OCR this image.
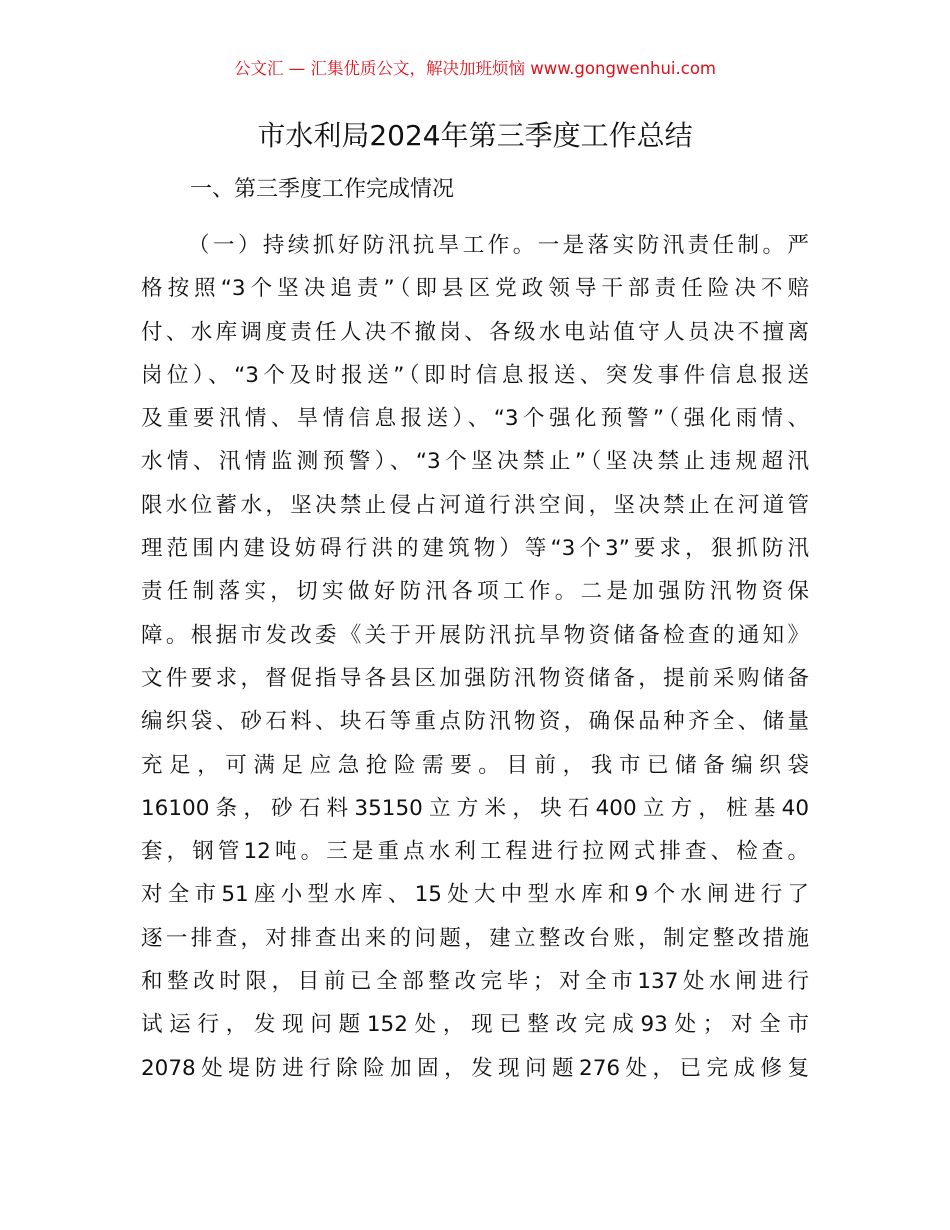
公文汇 — 汇集优质公文，解决加班烦恼 www.gongwenhui.com
市水利局2024年第三季度工作总结
一、第三季度工作完成情况
（一）持续抓好防汛抗旱工作。一是落实防汛责任制。严
格按照“3个坚决追责”（即县区党政领导干部责任险决不赔
付、水库调度责任人决不撤岗、各级水电站值守人员决不擅离
岗位）、“3个及时报送”（即时信息报送、突发事件信息报送
及重要汛情、旱情信息报送）、“3个强化预警”（强化雨情、
水情、汛情监测预警）、“3个坚决禁止”（坚决禁止违规超汛
限水位蓄水，坚决禁止侵占河道行洪空间，坚决禁止在河道管
理范围内建设妨碍行洪的建筑物）等“3个3”要求，狠抓防汛
责任制落实，切实做好防汛各项工作。二是加强防汛物资保
障。根据市发改委《关于开展防汛抗旱物资储备检查的通知》
文件要求，督促指导各县区加强防汛物资储备，提前采购储备
编织袋、砂石料、块石等重点防汛物资，确保品种齐全、储量
充足，可满足应急抢险需要。目前，我市已储备编织袋
16100条，砂石料35150立方米，块石400立方，桩基40
套，钢管12吨。三是重点水利工程进行拉网式排查、检查。
对全市51座小型水库、15处大中型水库和9个水闸进行了
逐一排查，对排查出来的问题，建立整改台账，制定整改措施
和整改时限，目前已全部整改完毕；对全市137处水闸进行
试运行，发现问题152处，现已整改完成93处；对全市
2078处堤防进行除险加固，发现问题276处，已完成修复
